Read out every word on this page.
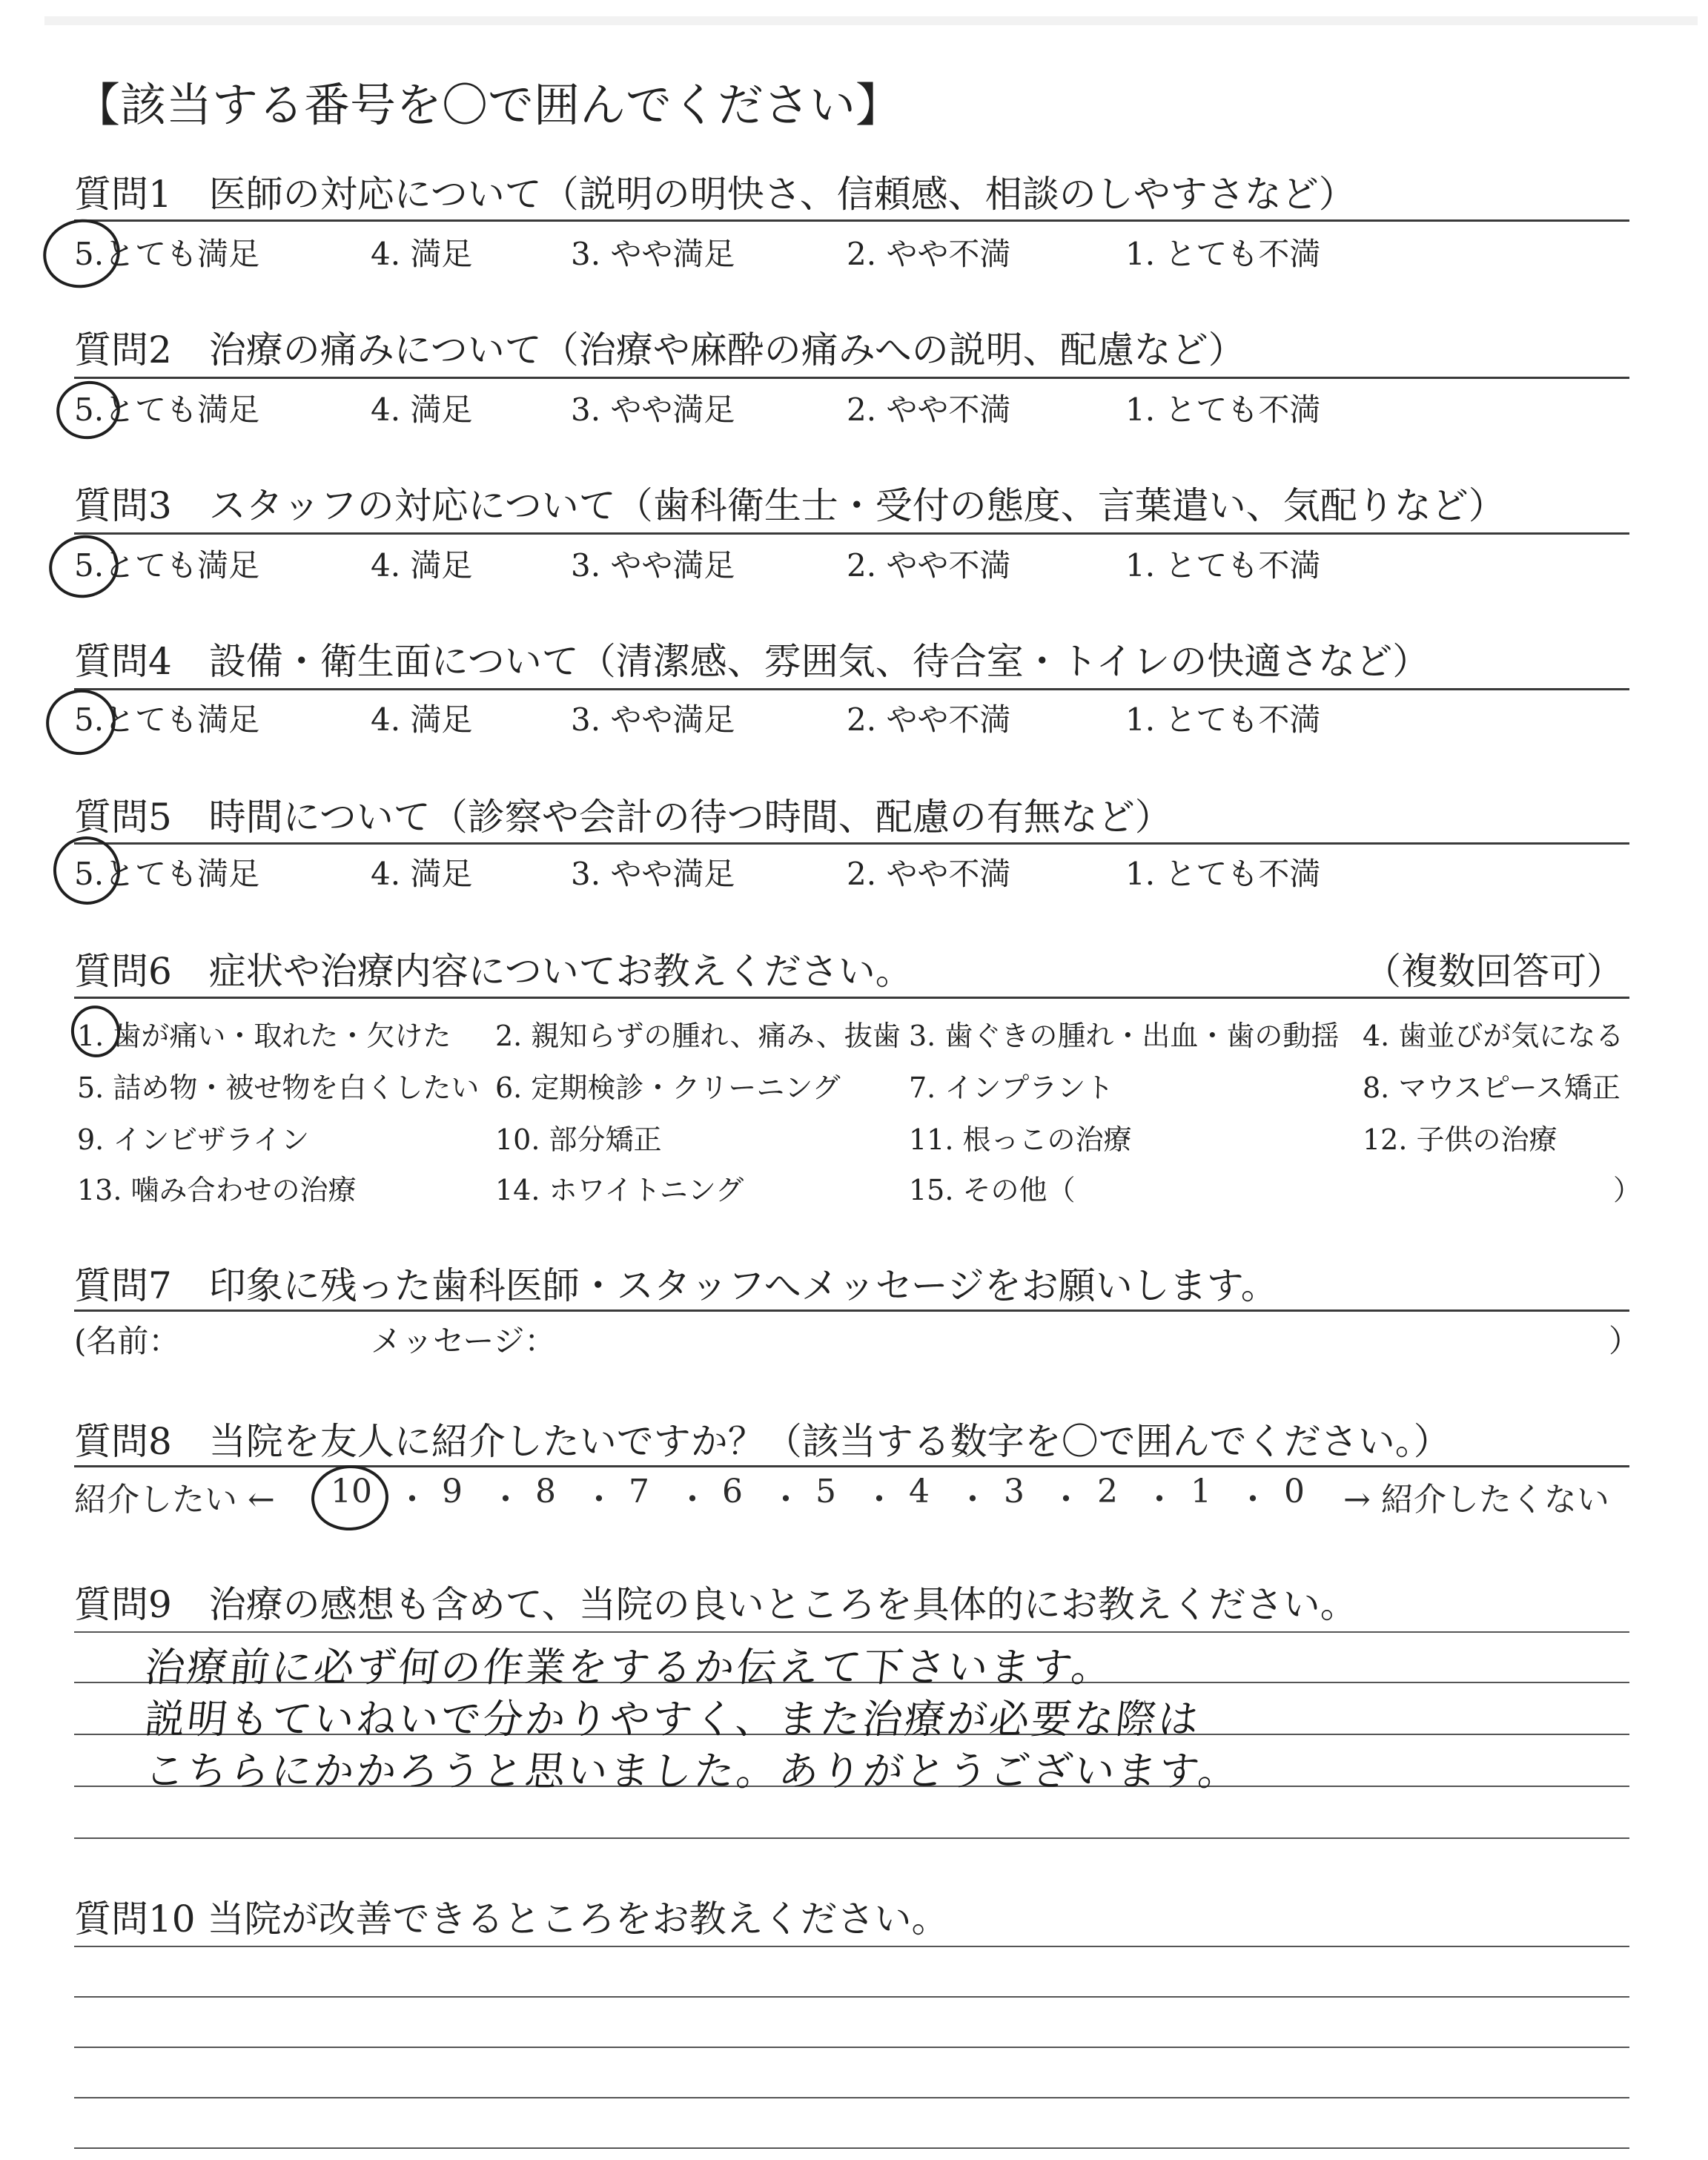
【該当する番号を〇で囲んでください】
質問1　医師の対応について（説明の明快さ、信頼感、相談のしやすさなど）
5.とても満足	4. 満足	3. やや満足	2. やや不満	1. とても不満
質問2　治療の痛みについて（治療や麻酔の痛みへの説明、配慮など）
5.とても満足	4. 満足	3. やや満足	2. やや不満	1. とても不満
質問3　スタッフの対応について（歯科衛生士・受付の態度、言葉遣い、気配りなど）
5.とても満足	4. 満足	3. やや満足	2. やや不満	1. とても不満
質問4　設備・衛生面について（清潔感、雰囲気、待合室・トイレの快適さなど）
5.とても満足	4. 満足	3. やや満足	2. やや不満	1. とても不満
質問5　時間について（診察や会計の待つ時間、配慮の有無など）
5.とても満足	4. 満足	3. やや満足	2. やや不満	1. とても不満
質問6　症状や治療内容についてお教えください。	（複数回答可）
1. 歯が痛い・取れた・欠けた 2. 親知らずの腫れ、痛み、抜歯 3. 歯ぐきの腫れ・出血・歯の動揺 4. 歯並びが気になる
5. 詰め物・被せ物を白くしたい 6. 定期検診・クリーニング 7. インプラント	8. マウスピース矯正
9. インビザライン	10. 部分矯正	11. 根っこの治療	12. 子供の治療
13. 噛み合わせの治療	14. ホワイトニング	15. その他（	）
質問7　印象に残った歯科医師・スタッフへメッセージをお願いします。
(名前：	メッセージ：	）
質問8　当院を友人に紹介したいですか？（該当する数字を〇で囲んでください。）
紹介したい ← 10 ・ 9 ・ 8 ・ 7 ・ 6 ・ 5 ・ 4 ・ 3 ・ 2 ・ 1 ・ 0 → 紹介したくない
質問9　治療の感想も含めて、当院の良いところを具体的にお教えください。
治療前に必ず何の作業をするか伝えて下さいます。
説明もていねいで分かりやすく、また治療が必要な際は
こちらにかかろうと思いました。ありがとうございます。
質問10 当院が改善できるところをお教えください。
